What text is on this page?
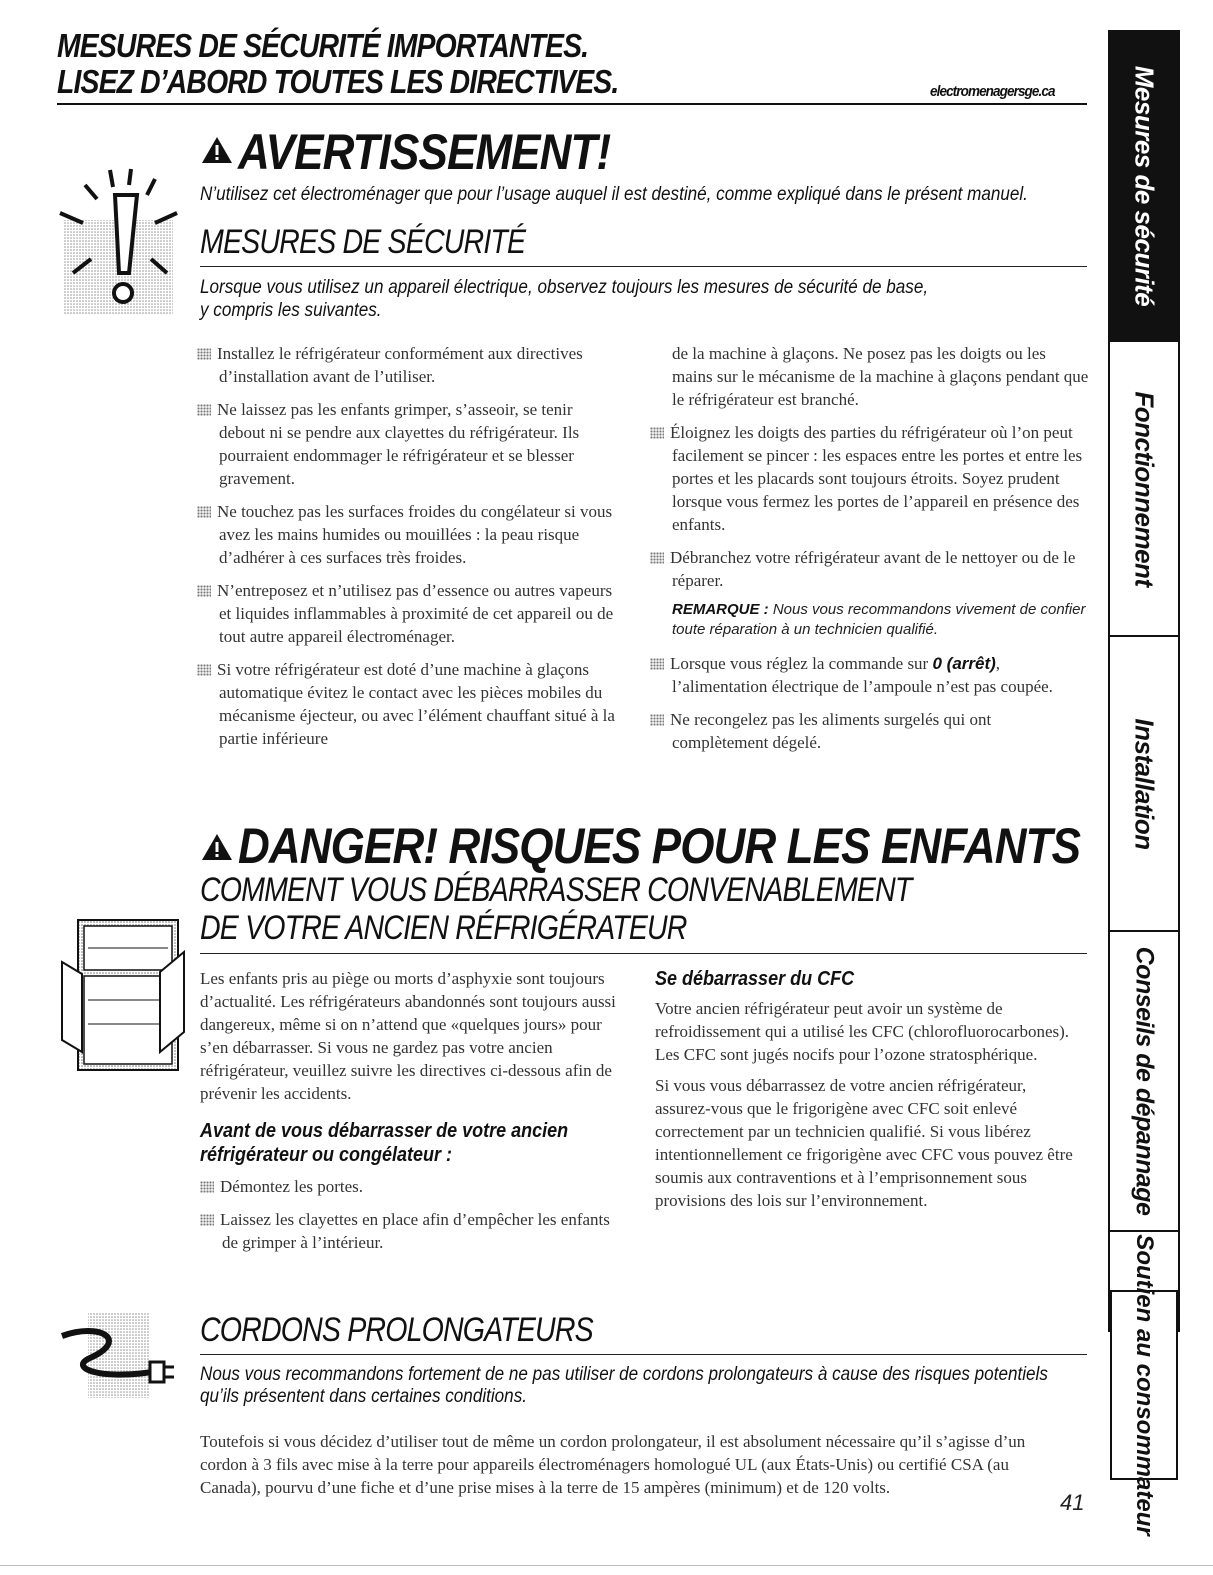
MESURES DE SÉCURITÉ IMPORTANTES.
LISEZ D’ABORD TOUTES LES DIRECTIVES.	electromenagersge.ca
AVERTISSEMENT!
N’utilisez cet électroménager que pour l’usage auquel il est destiné, comme expliqué dans le présent manuel.
MESURES DE SÉCURITÉ
Lorsque vous utilisez un appareil électrique, observez toujours les mesures de sécurité de base,
y compris les suivantes.
Installez le réfrigérateur conformément aux directives d’installation avant de l’utiliser.
Ne laissez pas les enfants grimper, s’asseoir, se tenir debout ni se pendre aux clayettes du réfrigérateur. Ils pourraient endommager le réfrigérateur et se blesser gravement.
Ne touchez pas les surfaces froides du congélateur si vous avez les mains humides ou mouillées : la peau risque d’adhérer à ces surfaces très froides.
N’entreposez et n’utilisez pas d’essence ou autres vapeurs et liquides inflammables à proximité de cet appareil ou de tout autre appareil électroménager.
Si votre réfrigérateur est doté d’une machine à glaçons automatique évitez le contact avec les pièces mobiles du mécanisme éjecteur, ou avec l’élément chauffant situé à la partie inférieure

de la machine à glaçons. Ne posez pas les doigts ou les mains sur le mécanisme de la machine à glaçons pendant que le réfrigérateur est branché.

Éloignez les doigts des parties du réfrigérateur où l’on peut facilement se pincer : les espaces entre les portes et entre les portes et les placards sont toujours étroits. Soyez prudent lorsque vous fermez les portes de l’appareil en présence des enfants.
Débranchez votre réfrigérateur avant de le nettoyer ou de le réparer.
REMARQUE : Nous vous recommandons vivement de confier toute réparation à un technicien qualifié.
Lorsque vous réglez la commande sur 0 (arrêt), l’alimentation électrique de l’ampoule n’est pas coupée.
Ne recongelez pas les aliments surgelés qui ont complètement dégelé.
DANGER! RISQUES POUR LES ENFANTS
COMMENT VOUS DÉBARRASSER CONVENABLEMENT
DE VOTRE ANCIEN RÉFRIGÉRATEUR

Les enfants pris au piège ou morts d’asphyxie sont toujours d’actualité. Les réfrigérateurs abandonnés sont toujours aussi dangereux, même si on n’attend que «quelques jours» pour s’en débarrasser. Si vous ne gardez pas votre ancien réfrigérateur, veuillez suivre les directives ci-dessous afin de prévenir les accidents.

Avant de vous débarrasser de votre ancien réfrigérateur ou congélateur :
Démontez les portes.
Laissez les clayettes en place afin d’empêcher les enfants de grimper à l’intérieur.
Se débarrasser du CFC

Votre ancien réfrigérateur peut avoir un système de refroidissement qui a utilisé les CFC (chlorofluorocarbones). Les CFC sont jugés nocifs pour l’ozone stratosphérique.

Si vous vous débarrassez de votre ancien réfrigérateur, assurez-vous que le frigorigène avec CFC soit enlevé correctement par un technicien qualifié. Si vous libérez intentionnellement ce frigorigène avec CFC vous pouvez être soumis aux contraventions et à l’emprisonnement sous provisions des lois sur l’environnement.

CORDONS PROLONGATEURS
Nous vous recommandons fortement de ne pas utiliser de cordons prolongateurs à cause des risques potentiels qu’ils présentent dans certaines conditions.

Toutefois si vous décidez d’utiliser tout de même un cordon prolongateur, il est absolument nécessaire qu’il s’agisse d’un cordon à 3 fils avec mise à la terre pour appareils électroménagers homologué UL (aux États-Unis) ou certifié CSA (au Canada), pourvu d’une fiche et d’une prise mises à la terre de 15 ampères (minimum) et de 120 volts.

41
Mesures de sécurité
Fonctionnement
Installation
Conseils de dépannage
Soutien au consommateur
